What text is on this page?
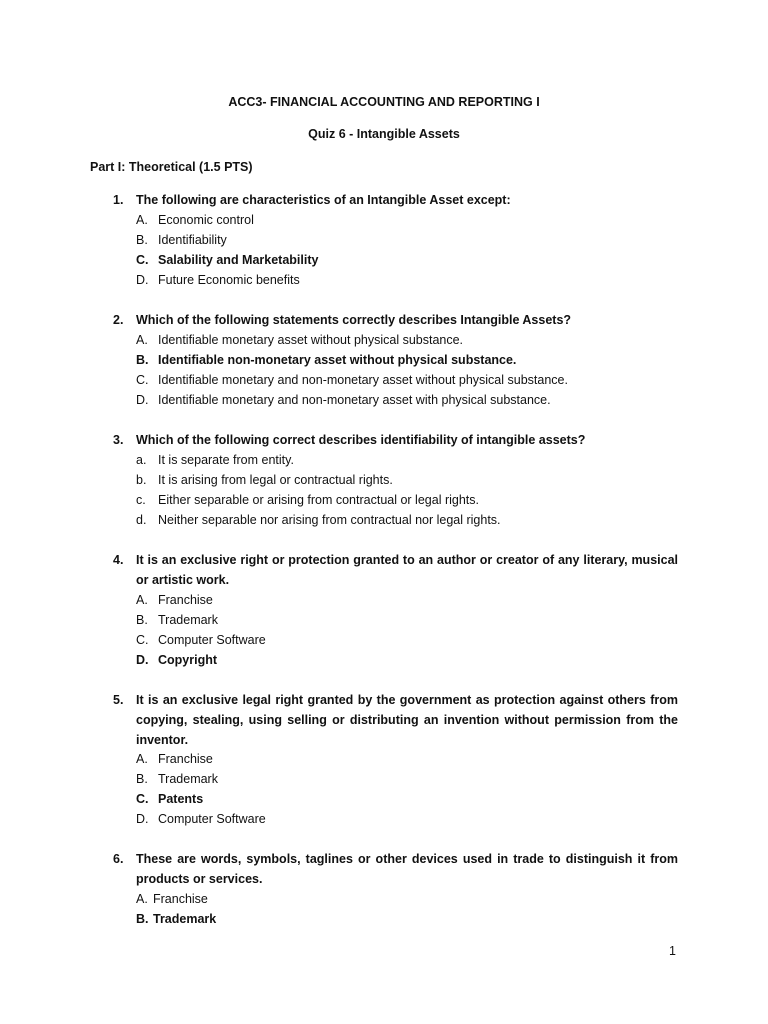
ACC3- FINANCIAL ACCOUNTING AND REPORTING I
Quiz 6 - Intangible Assets
Part I: Theoretical (1.5 PTS)
1. The following are characteristics of an Intangible Asset except:
A. Economic control
B. Identifiability
C. Salability and Marketability
D. Future Economic benefits
2. Which of the following statements correctly describes Intangible Assets?
A. Identifiable monetary asset without physical substance.
B. Identifiable non-monetary asset without physical substance.
C. Identifiable monetary and non-monetary asset without physical substance.
D. Identifiable monetary and non-monetary asset with physical substance.
3. Which of the following correct describes identifiability of intangible assets?
a. It is separate from entity.
b. It is arising from legal or contractual rights.
c. Either separable or arising from contractual or legal rights.
d. Neither separable nor arising from contractual nor legal rights.
4. It is an exclusive right or protection granted to an author or creator of any literary, musical or artistic work.
A. Franchise
B. Trademark
C. Computer Software
D. Copyright
5. It is an exclusive legal right granted by the government as protection against others from copying, stealing, using selling or distributing an invention without permission from the inventor.
A. Franchise
B. Trademark
C. Patents
D. Computer Software
6. These are words, symbols, taglines or other devices used in trade to distinguish it from products or services.
A. Franchise
B. Trademark
1
